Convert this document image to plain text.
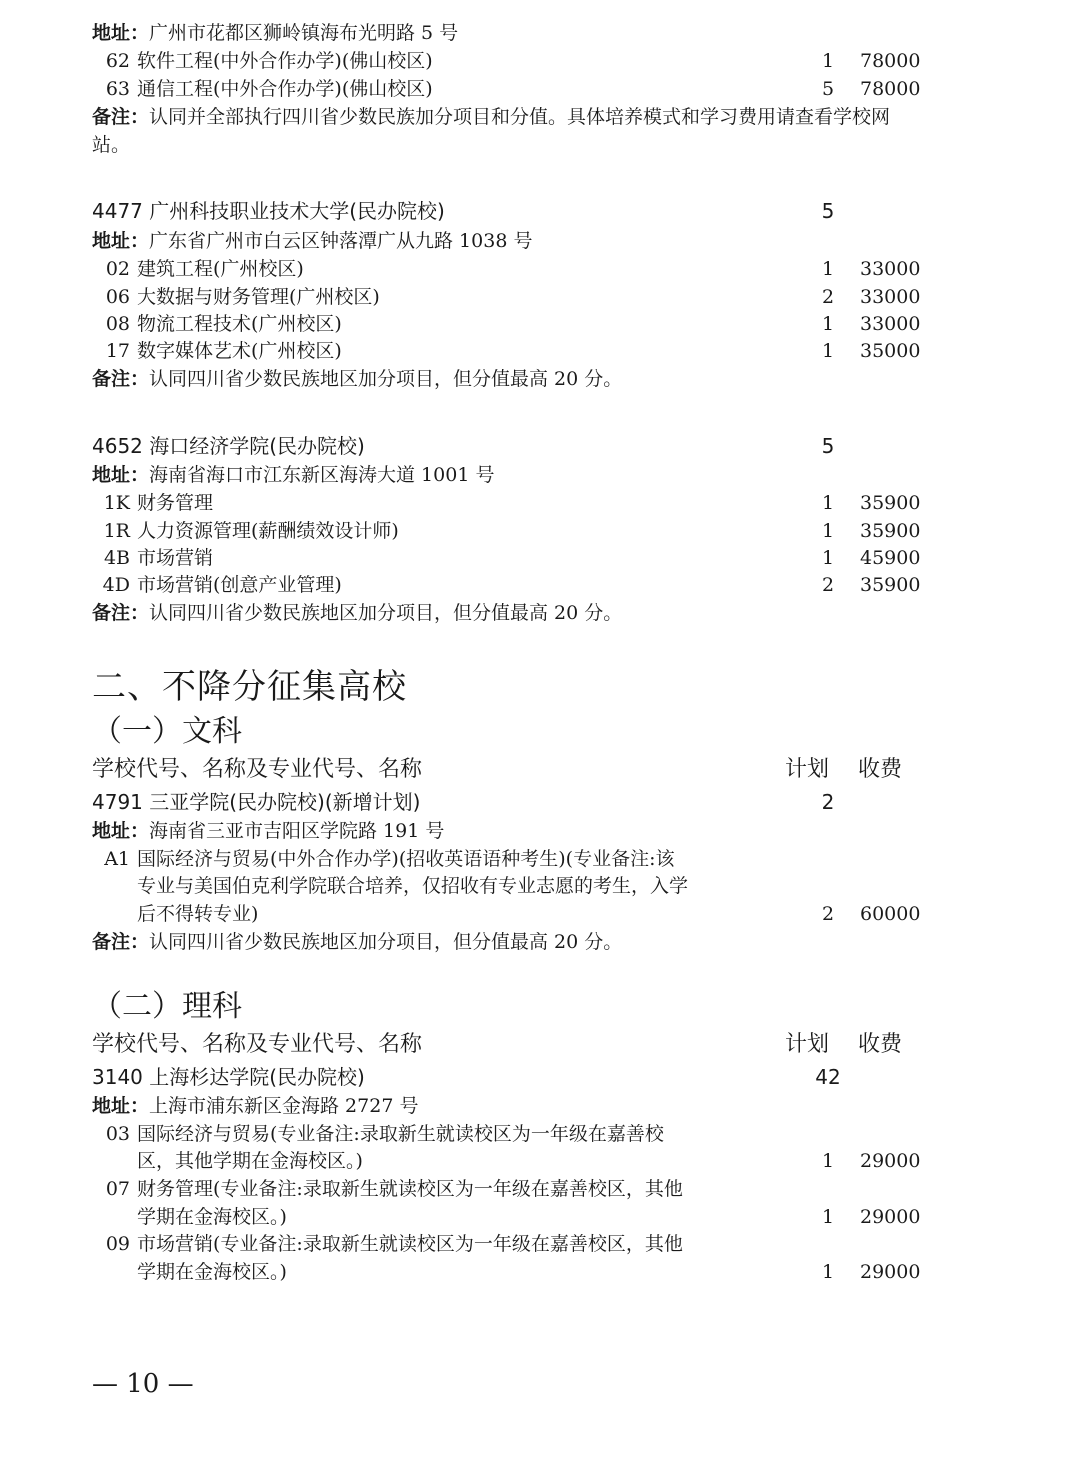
地址：广州市花都区狮岭镇海布光明路 5 号
62 软件工程(中外合作办学)(佛山校区)	1	78000
63 通信工程(中外合作办学)(佛山校区)	5	78000
备注：认同并全部执行四川省少数民族加分项目和分值。具体培养模式和学习费用请查看学校网
站。
4477 广州科技职业技术大学(民办院校)	5
地址：广东省广州市白云区钟落潭广从九路 1038 号
02 建筑工程(广州校区)	1	33000
06 大数据与财务管理(广州校区)	2	33000
08 物流工程技术(广州校区)	1	33000
17 数字媒体艺术(广州校区)	1	35000
备注：认同四川省少数民族地区加分项目，但分值最高 20 分。
4652 海口经济学院(民办院校)	5
地址：海南省海口市江东新区海涛大道 1001 号
1K 财务管理	1	35900
1R 人力资源管理(薪酬绩效设计师)	1	35900
4B 市场营销	1	45900
4D 市场营销(创意产业管理)	2	35900
备注：认同四川省少数民族地区加分项目，但分值最高 20 分。
二、不降分征集高校
（一）文科
学校代号、名称及专业代号、名称	计划 收费
4791 三亚学院(民办院校)(新增计划)	2
地址：海南省三亚市吉阳区学院路 191 号
A1 国际经济与贸易(中外合作办学)(招收英语语种考生)(专业备注:该
专业与美国伯克利学院联合培养，仅招收有专业志愿的考生，入学
后不得转专业)	2	60000
备注：认同四川省少数民族地区加分项目，但分值最高 20 分。
（二）理科
学校代号、名称及专业代号、名称	计划 收费
3140 上海杉达学院(民办院校)	42
地址：上海市浦东新区金海路 2727 号
03 国际经济与贸易(专业备注:录取新生就读校区为一年级在嘉善校
区，其他学期在金海校区。)	1	29000
07 财务管理(专业备注:录取新生就读校区为一年级在嘉善校区，其他
学期在金海校区。)	1	29000
09 市场营销(专业备注:录取新生就读校区为一年级在嘉善校区，其他
学期在金海校区。)	1	29000
— 10 —
